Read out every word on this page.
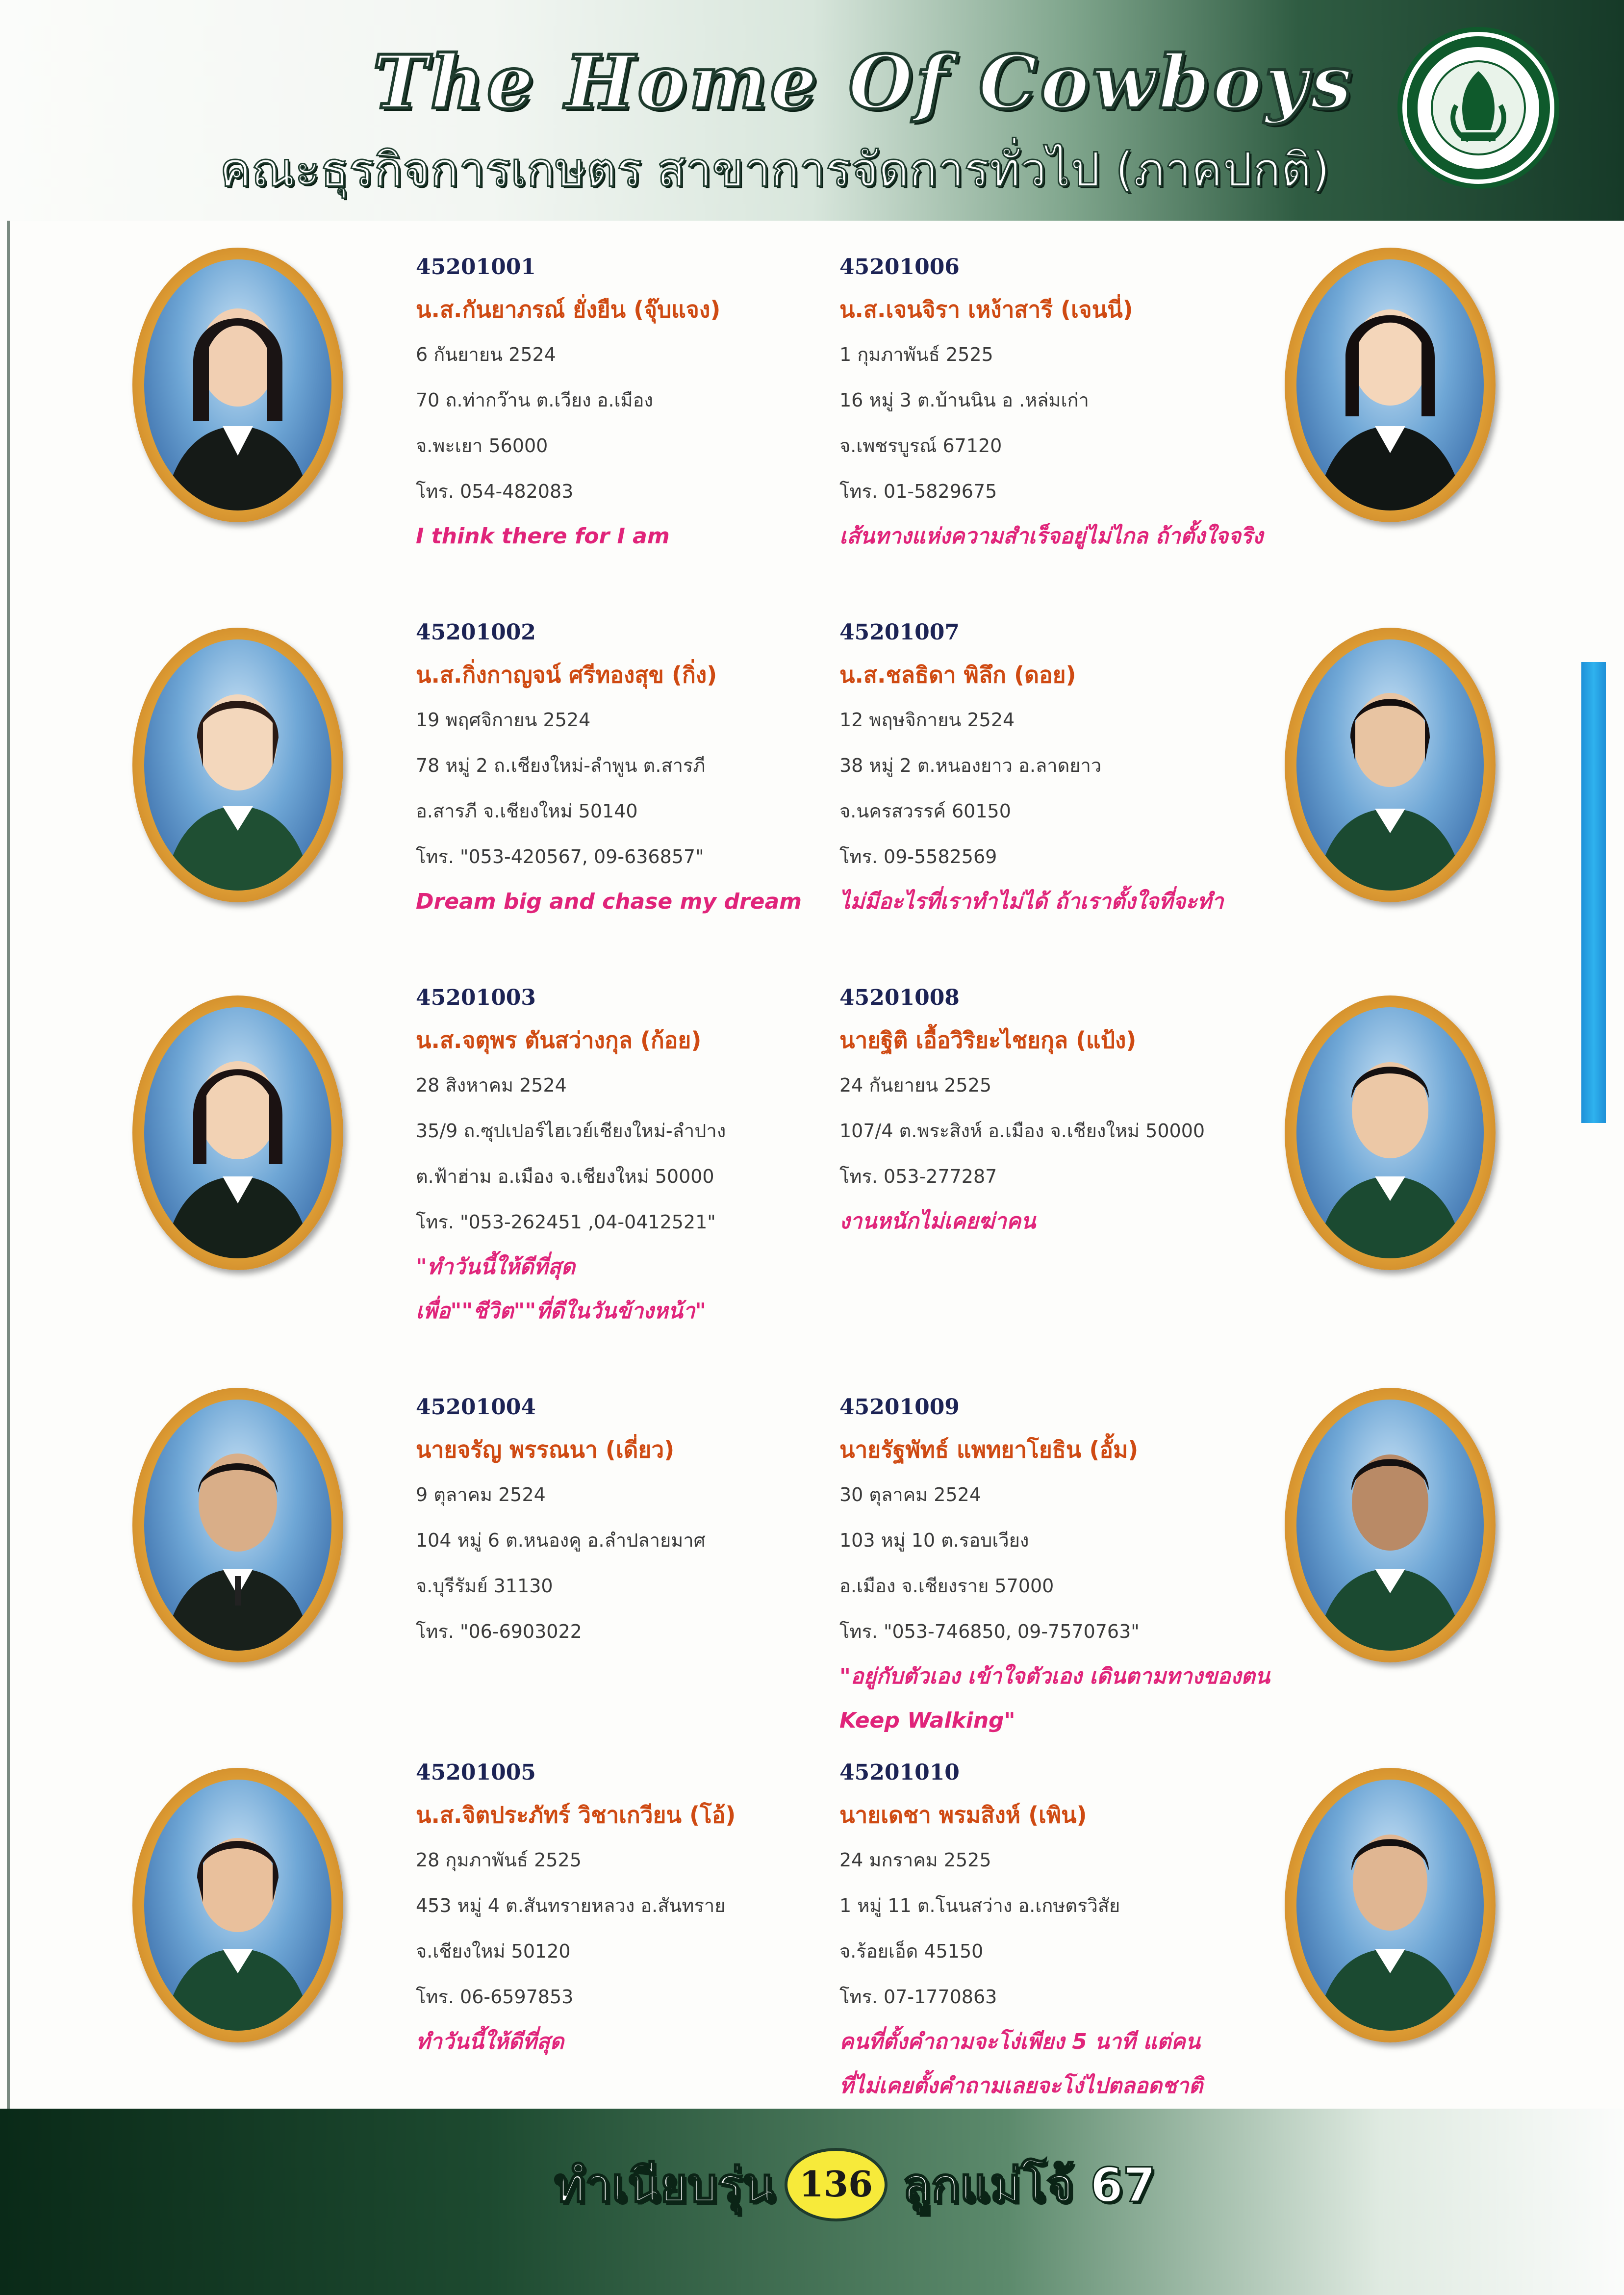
The Home Of Cowboys
คณะธุรกิจการเกษตร สาขาการจัดการทั่วไป (ภาคปกติ)
45201001
น.ส.กันยาภรณ์ ยั่งยืน (จุ๊บแจง)
6 กันยายน 2524
70 ถ.ท่ากว๊าน ต.เวียง อ.เมือง
จ.พะเยา 56000
โทร. 054-482083
I think there for I am
45201002
น.ส.กิ่งกาญจน์ ศรีทองสุข (กิ่ง)
19 พฤศจิกายน 2524
78 หมู่ 2 ถ.เชียงใหม่-ลำพูน ต.สารภี
อ.สารภี จ.เชียงใหม่ 50140
โทร. "053-420567, 09-636857"
Dream big and chase my dream
45201003
น.ส.จตุพร ตันสว่างกุล (ก้อย)
28 สิงหาคม 2524
35/9 ถ.ซุปเปอร์ไฮเวย์เชียงใหม่-ลำปาง
ต.ฟ้าฮ่าม อ.เมือง จ.เชียงใหม่ 50000
โทร. "053-262451 ,04-0412521"
"ทำวันนี้ให้ดีที่สุด
เพื่อ""ชีวิต""ที่ดีในวันข้างหน้า"
45201004
นายจรัญ พรรณนา (เดี่ยว)
9 ตุลาคม 2524
104 หมู่ 6 ต.หนองคู อ.ลำปลายมาศ
จ.บุรีรัมย์ 31130
โทร. "06-6903022
45201005
น.ส.จิตประภัทร์ วิชาเกวียน (โอ้)
28 กุมภาพันธ์ 2525
453 หมู่ 4 ต.สันทรายหลวง อ.สันทราย
จ.เชียงใหม่ 50120
โทร. 06-6597853
ทำวันนี้ให้ดีที่สุด
45201006
น.ส.เจนจิรา เหง้าสารี (เจนนี่)
1 กุมภาพันธ์ 2525
16 หมู่ 3 ต.บ้านนิน อ .หล่มเก่า
จ.เพชรบูรณ์ 67120
โทร. 01-5829675
เส้นทางแห่งความสำเร็จอยู่ไม่ไกล ถ้าตั้งใจจริง
45201007
น.ส.ชลธิดา พิลึก (ดอย)
12 พฤษจิกายน 2524
38 หมู่ 2 ต.หนองยาว อ.ลาดยาว
จ.นครสวรรค์ 60150
โทร. 09-5582569
ไม่มีอะไรที่เราทำไม่ได้ ถ้าเราตั้งใจที่จะทำ
45201008
นายฐิติ เอื้อวิริยะไชยกุล (แป้ง)
24 กันยายน 2525
107/4 ต.พระสิงห์ อ.เมือง จ.เชียงใหม่ 50000
โทร. 053-277287
งานหนักไม่เคยฆ่าคน
45201009
นายรัฐพัทธ์ แพทยาโยธิน (อั้ม)
30 ตุลาคม 2524
103 หมู่ 10 ต.รอบเวียง
อ.เมือง จ.เชียงราย 57000
โทร. "053-746850, 09-7570763"
"อยู่กับตัวเอง เข้าใจตัวเอง เดินตามทางของตน
Keep Walking"
45201010
นายเดชา พรมสิงห์ (เพิน)
24 มกราคม 2525
1 หมู่ 11 ต.โนนสว่าง อ.เกษตรวิสัย
จ.ร้อยเอ็ด 45150
โทร. 07-1770863
คนที่ตั้งคำถามจะโง่เพียง 5 นาที แต่คน
ที่ไม่เคยตั้งคำถามเลยจะโง่ไปตลอดชาติ
ทำเนียบรุ่น 136 ลูกแม่โจ้ 67
